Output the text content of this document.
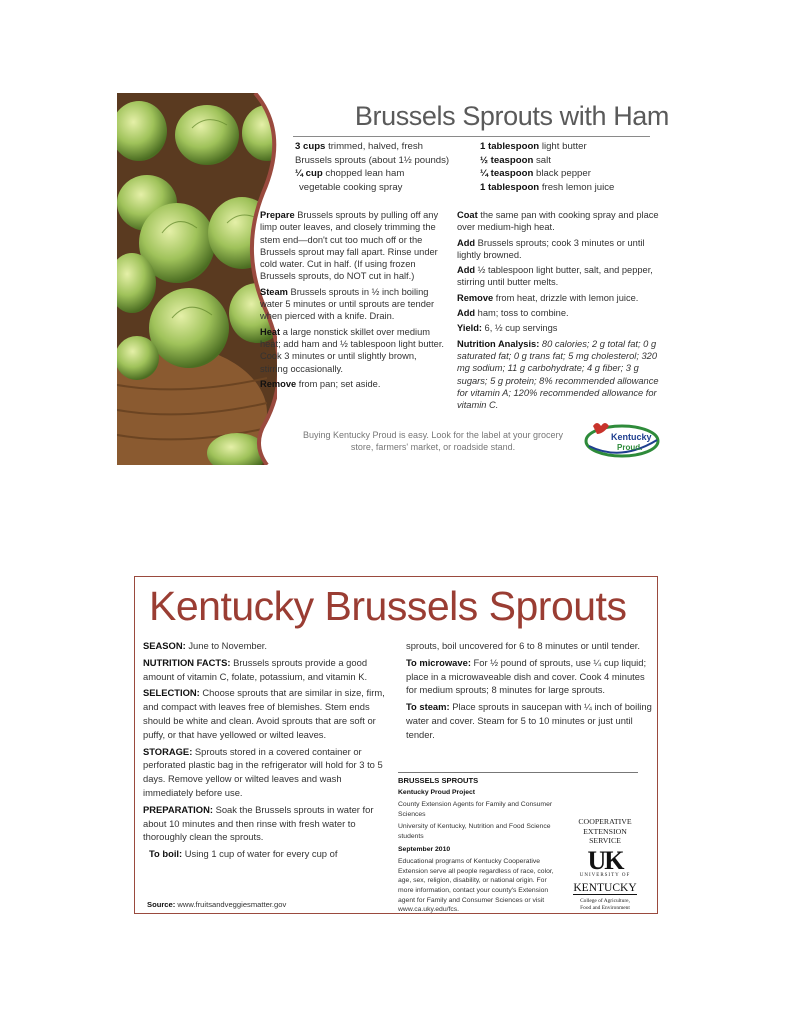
Brussels Sprouts with Ham
3 cups trimmed, halved, fresh
Brussels sprouts (about 1½ pounds)
¼ cup chopped lean ham
vegetable cooking spray
1 tablespoon light butter
½ teaspoon salt
¼ teaspoon black pepper
1 tablespoon fresh lemon juice

Prepare Brussels sprouts by pulling off any limp outer leaves, and closely trimming the stem end—don't cut too much off or the Brussels sprout may fall apart. Rinse under cold water. Cut in half. (If using frozen Brussels sprouts, do NOT cut in half.)

Steam Brussels sprouts in ½ inch boiling water 5 minutes or until sprouts are tender when pierced with a knife. Drain.

Heat a large nonstick skillet over medium heat; add ham and ½ tablespoon light butter. Cook 3 minutes or until slightly brown, stirring occasionally.

Remove from pan; set aside.

Coat the same pan with cooking spray and place over medium-high heat.

Add Brussels sprouts; cook 3 minutes or until lightly browned.

Add ½ tablespoon light butter, salt, and pepper, stirring until butter melts.

Remove from heat, drizzle with lemon juice.

Add ham; toss to combine.

Yield: 6, ½ cup servings

Nutrition Analysis: 80 calories; 2 g total fat; 0 g saturated fat; 0 g trans fat; 5 mg cholesterol; 320 mg sodium; 11 g carbohydrate; 4 g fiber; 3 g sugars; 5 g protein; 8% recommended allowance for vitamin A; 120% recommended allowance for vitamin C.

Buying Kentucky Proud is easy. Look for the label at your grocery store, farmers' market, or roadside stand.
Kentucky
Proud.
Kentucky Brussels Sprouts

SEASON: June to November.

NUTRITION FACTS: Brussels sprouts provide a good amount of vitamin C, folate, potassium, and vitamin K.

SELECTION: Choose sprouts that are similar in size, firm, and compact with leaves free of blemishes. Stem ends should be white and clean. Avoid sprouts that are soft or puffy, or that have yellowed or wilted leaves.

STORAGE: Sprouts stored in a covered container or perforated plastic bag in the refrigerator will hold for 3 to 5 days. Remove yellow or wilted leaves and wash immediately before use.

PREPARATION: Soak the Brussels sprouts in water for about 10 minutes and then rinse with fresh water to thoroughly clean the sprouts.

To boil: Using 1 cup of water for every cup of

sprouts, boil uncovered for 6 to 8 minutes or until tender.

To microwave: For ½ pound of sprouts, use ¼ cup liquid; place in a microwaveable dish and cover. Cook 4 minutes for medium sprouts; 8 minutes for large sprouts.

To steam: Place sprouts in saucepan with ¼ inch of boiling water and cover. Steam for 5 to 10 minutes or just until tender.

BRUSSELS SPROUTS

Kentucky Proud Project

County Extension Agents for Family and Consumer Sciences

University of Kentucky, Nutrition and Food Science students

September 2010

Educational programs of Kentucky Cooperative Extension serve all people regardless of race, color, age, sex, religion, disability, or national origin. For more information, contact your county's Extension agent for Family and Consumer Sciences or visit www.ca.uky.edu/fcs.

COOPERATIVE
EXTENSION
SERVICE
UK
UNIVERSITY OF
KENTUCKY
College of Agriculture,
Food and Environment
Source: www.fruitsandveggiesmatter.gov
